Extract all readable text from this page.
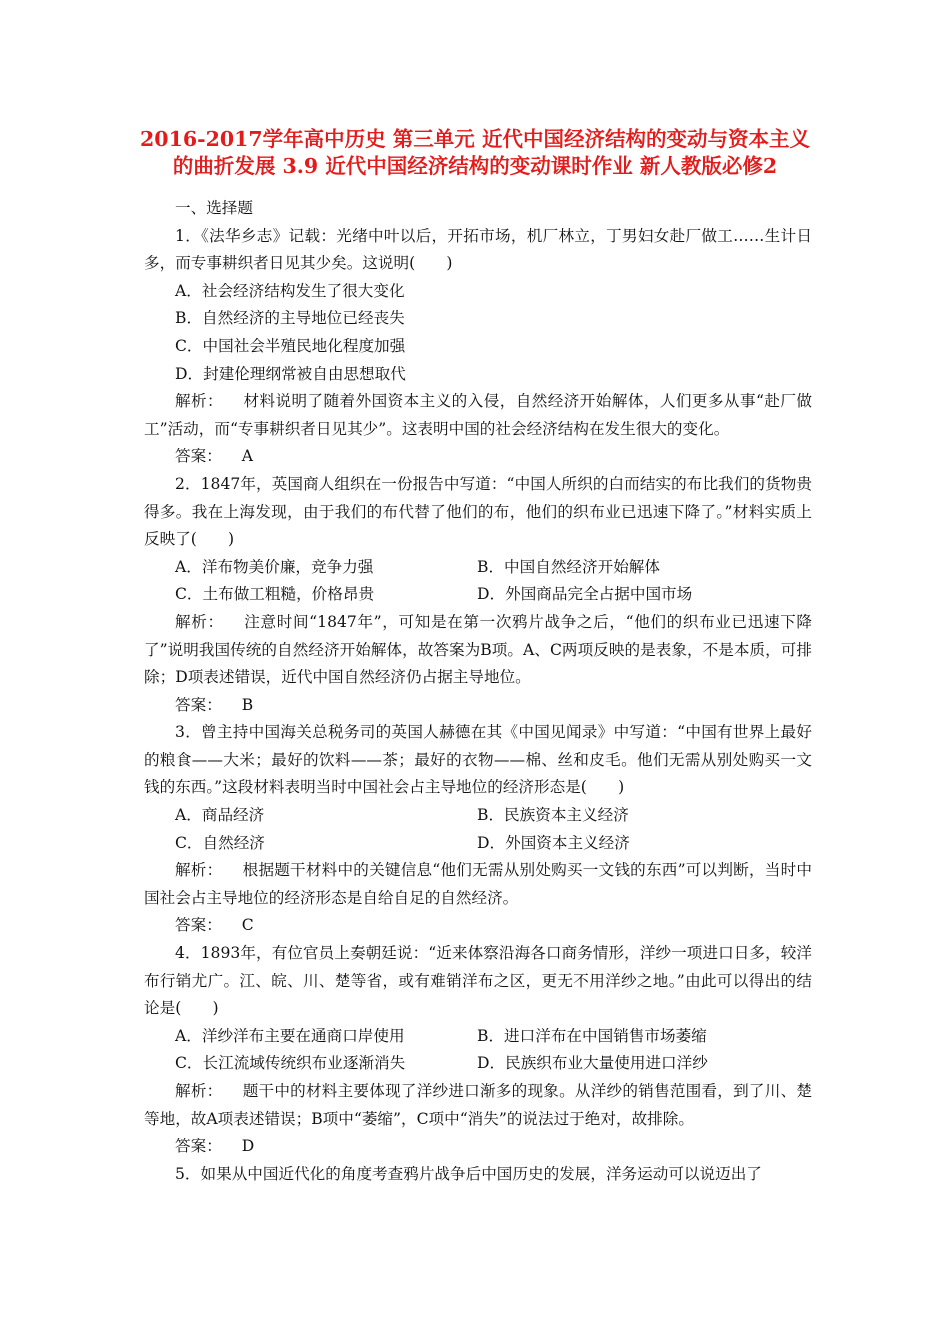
2016-2017学年高中历史 第三单元 近代中国经济结构的变动与资本主义的曲折发展 3.9 近代中国经济结构的变动课时作业 新人教版必修2

一、选择题

1．《法华乡志》记载：光绪中叶以后，开拓市场，机厂林立，丁男妇女赴厂做工……生计日多，而专事耕织者日见其少矣。这说明(　　)

A．社会经济结构发生了很大变化

B．自然经济的主导地位已经丧失

C．中国社会半殖民地化程度加强

D．封建伦理纲常被自由思想取代

解析： 材料说明了随着外国资本主义的入侵，自然经济开始解体，人们更多从事“赴厂做工”活动，而“专事耕织者日见其少”。这表明中国的社会经济结构在发生很大的变化。

答案： A

2．1847年，英国商人组织在一份报告中写道：“中国人所织的白而结实的布比我们的货物贵得多。我在上海发现，由于我们的布代替了他们的布，他们的织布业已迅速下降了。”材料实质上反映了(　　)

A．洋布物美价廉，竞争力强	B．中国自然经济开始解体
C．土布做工粗糙，价格昂贵	D．外国商品完全占据中国市场

解析： 注意时间“1847年”，可知是在第一次鸦片战争之后，“他们的织布业已迅速下降了”说明我国传统的自然经济开始解体，故答案为B项。A、C两项反映的是表象，不是本质，可排除；D项表述错误，近代中国自然经济仍占据主导地位。

答案： B

3．曾主持中国海关总税务司的英国人赫德在其《中国见闻录》中写道：“中国有世界上最好的粮食——大米；最好的饮料——茶；最好的衣物——棉、丝和皮毛。他们无需从别处购买一文钱的东西。”这段材料表明当时中国社会占主导地位的经济形态是(　　)

A．商品经济	B．民族资本主义经济
C．自然经济	D．外国资本主义经济

解析： 根据题干材料中的关键信息“他们无需从别处购买一文钱的东西”可以判断，当时中国社会占主导地位的经济形态是自给自足的自然经济。

答案： C

4．1893年，有位官员上奏朝廷说：“近来体察沿海各口商务情形，洋纱一项进口日多，较洋布行销尤广。江、皖、川、楚等省，或有难销洋布之区，更无不用洋纱之地。”由此可以得出的结论是(　　)

A．洋纱洋布主要在通商口岸使用	B．进口洋布在中国销售市场萎缩
C．长江流域传统织布业逐渐消失	D．民族织布业大量使用进口洋纱

解析： 题干中的材料主要体现了洋纱进口渐多的现象。从洋纱的销售范围看，到了川、楚等地，故A项表述错误；B项中“萎缩”，C项中“消失”的说法过于绝对，故排除。

答案： D

5．如果从中国近代化的角度考查鸦片战争后中国历史的发展，洋务运动可以说迈出了
